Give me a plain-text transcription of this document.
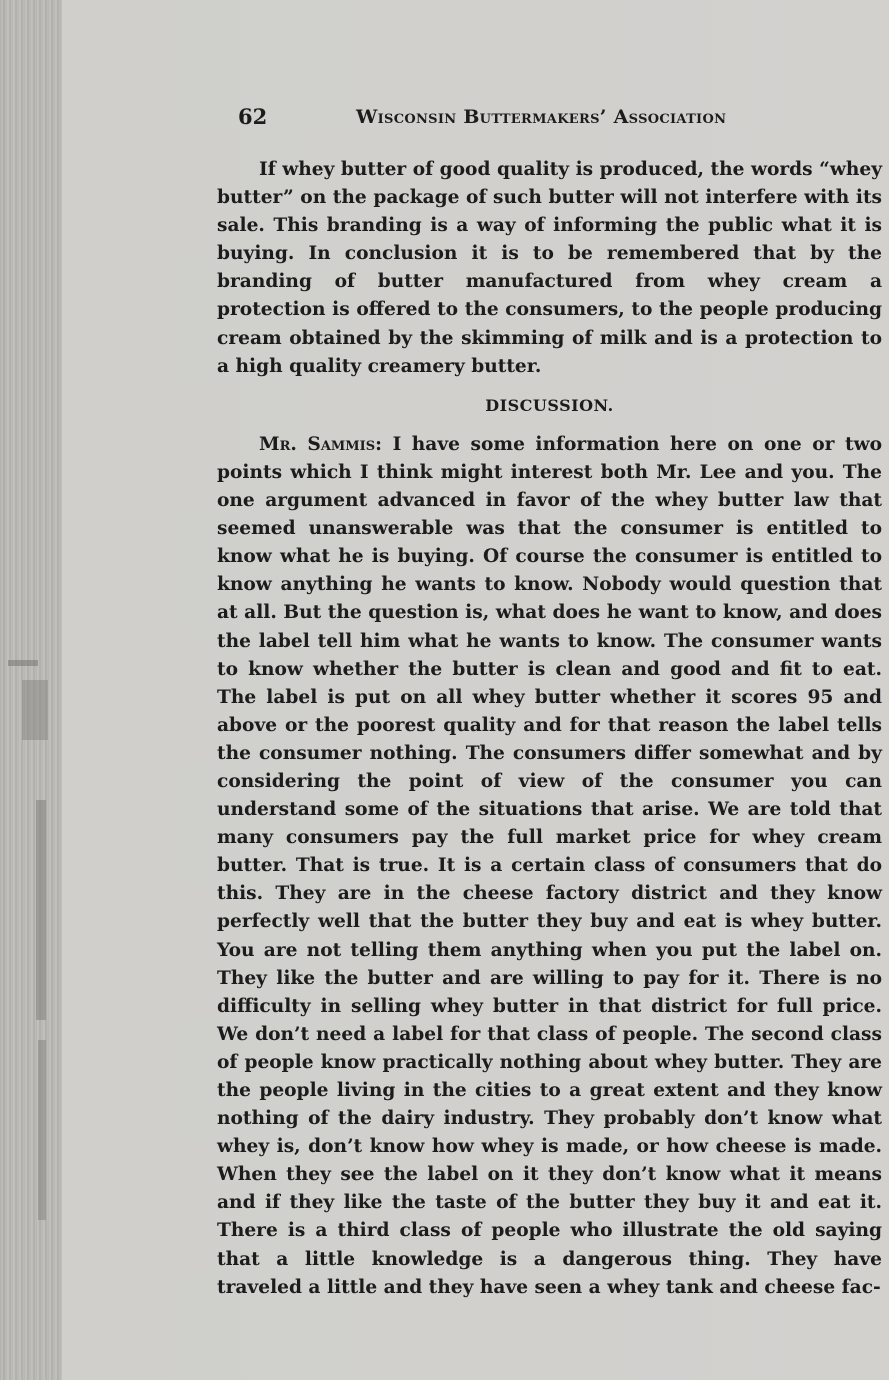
62	Wisconsin Buttermakers’ Association

If whey butter of good quality is produced, the words “whey butter” on the package of such butter will not interfere with its sale. This branding is a way of informing the public what it is buying. In conclusion it is to be remembered that by the branding of butter manufactured from whey cream a protection is offered to the consumers, to the people producing cream obtained by the skimming of milk and is a protection to a high quality creamery butter.

DISCUSSION.

Mr. Sammis: I have some information here on one or two points which I think might interest both Mr. Lee and you. The one argument advanced in favor of the whey butter law that seemed unanswerable was that the consumer is entitled to know what he is buying. Of course the consumer is entitled to know anything he wants to know. Nobody would question that at all. But the question is, what does he want to know, and does the label tell him what he wants to know. The consumer wants to know whether the butter is clean and good and fit to eat. The label is put on all whey butter whether it scores 95 and above or the poorest quality and for that reason the label tells the consumer nothing. The consumers differ somewhat and by considering the point of view of the consumer you can understand some of the situations that arise. We are told that many consumers pay the full market price for whey cream butter. That is true. It is a certain class of consumers that do this. They are in the cheese factory district and they know perfectly well that the butter they buy and eat is whey butter. You are not telling them anything when you put the label on. They like the butter and are willing to pay for it. There is no difficulty in selling whey butter in that district for full price. We don’t need a label for that class of people. The second class of people know practically nothing about whey butter. They are the people living in the cities to a great extent and they know nothing of the dairy industry. They probably don’t know what whey is, don’t know how whey is made, or how cheese is made. When they see the label on it they don’t know what it means and if they like the taste of the butter they buy it and eat it. There is a third class of people who illustrate the old saying that a little knowledge is a dangerous thing. They have traveled a little and they have seen a whey tank and cheese fac-
